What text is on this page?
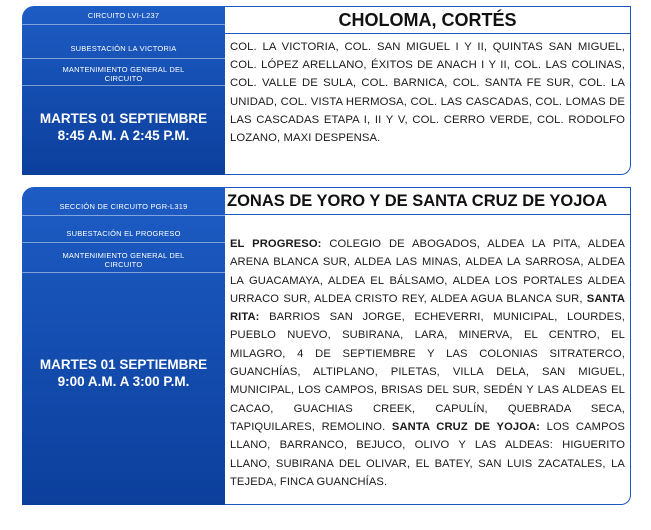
CIRCUITO LVI-L237
SUBESTACIÓN LA VICTORIA
MANTENIMIENTO GENERAL DEL CIRCUITO
MARTES 01 SEPTIEMBRE
8:45 A.M. A 2:45 P.M.
CHOLOMA, CORTÉS
COL. LA VICTORIA, COL. SAN MIGUEL I Y II, QUINTAS SAN MIGUEL, COL. LÓPEZ ARELLANO, ÉXITOS DE ANACH I Y II, COL. LAS COLINAS, COL. VALLE DE SULA, COL. BARNICA, COL. SANTA FE SUR, COL. LA UNIDAD, COL. VISTA HERMOSA, COL. LAS CASCADAS, COL. LOMAS DE LAS CASCADAS ETAPA I, II Y V, COL. CERRO VERDE, COL. RODOLFO LOZANO, MAXI DESPENSA.
SECCIÓN DE CIRCUITO PGR-L319
SUBESTACIÓN EL PROGRESO
MANTENIMIENTO GENERAL DEL CIRCUITO
MARTES 01 SEPTIEMBRE
9:00 A.M. A 3:00 P.M.
ZONAS DE YORO Y DE SANTA CRUZ DE YOJOA
EL PROGRESO: COLEGIO DE ABOGADOS, ALDEA LA PITA, ALDEA ARENA BLANCA SUR, ALDEA LAS MINAS, ALDEA LA SARROSA, ALDEA LA GUACAMAYA, ALDEA EL BÁLSAMO, ALDEA LOS PORTALES ALDEA URRACO SUR, ALDEA CRISTO REY, ALDEA AGUA BLANCA SUR, SANTA RITA: BARRIOS SAN JORGE, ECHEVERRI, MUNICIPAL, LOURDES, PUEBLO NUEVO, SUBIRANA, LARA, MINERVA, EL CENTRO, EL MILAGRO, 4 DE SEPTIEMBRE Y LAS COLONIAS SITRATERCO, GUANCHÍAS, ALTIPLANO, PILETAS, VILLA DELA, SAN MIGUEL, MUNICIPAL, LOS CAMPOS, BRISAS DEL SUR, SEDÉN Y LAS ALDEAS EL CACAO, GUACHIAS CREEK, CAPULÍN, QUEBRADA SECA, TAPIQUILARES, REMOLINO. SANTA CRUZ DE YOJOA: LOS CAMPOS LLANO, BARRANCO, BEJUCO, OLIVO Y LAS ALDEAS: HIGUERITO LLANO, SUBIRANA DEL OLIVAR, EL BATEY, SAN LUIS ZACATALES, LA TEJEDA, FINCA GUANCHÍAS.
